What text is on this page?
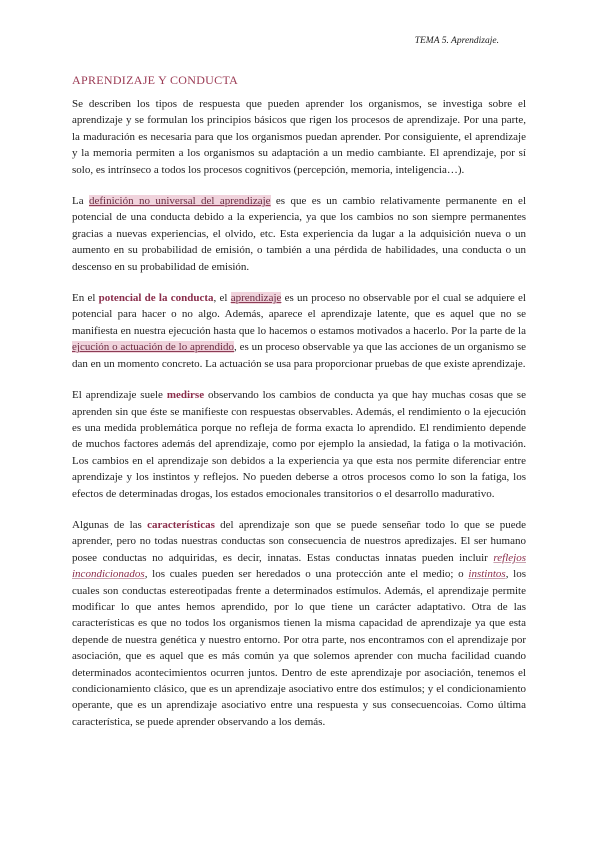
TEMA 5. Aprendizaje.
APRENDIZAJE Y CONDUCTA

Se describen los tipos de respuesta que pueden aprender los organismos, se investiga sobre el aprendizaje y se formulan los principios básicos que rigen los procesos de aprendizaje. Por una parte, la maduración es necesaria para que los organismos puedan aprender. Por consiguiente, el aprendizaje y la memoria permiten a los organismos su adaptación a un medio cambiante. El aprendizaje, por sí solo, es intrínseco a todos los procesos cognitivos (percepción, memoria, inteligencia…).

La definición no universal del aprendizaje es que es un cambio relativamente permanente en el potencial de una conducta debido a la experiencia, ya que los cambios no son siempre permanentes gracias a nuevas experiencias, el olvido, etc. Esta experiencia da lugar a la adquisición nueva o un aumento en su probabilidad de emisión, o también a una pérdida de habilidades, una conducta o un descenso en su probabilidad de emisión.

En el potencial de la conducta, el aprendizaje es un proceso no observable por el cual se adquiere el potencial para hacer o no algo. Además, aparece el aprendizaje latente, que es aquel que no se manifiesta en nuestra ejecución hasta que lo hacemos o estamos motivados a hacerlo. Por la parte de la ejcución o actuación de lo aprendido, es un proceso observable ya que las acciones de un organismo se dan en un momento concreto. La actuación se usa para proporcionar pruebas de que existe aprendizaje.

El aprendizaje suele medirse observando los cambios de conducta ya que hay muchas cosas que se aprenden sin que éste se manifieste con respuestas observables. Además, el rendimiento o la ejecución es una medida problemática porque no refleja de forma exacta lo aprendido. El rendimiento depende de muchos factores además del aprendizaje, como por ejemplo la ansiedad, la fatiga o la motivación. Los cambios en el aprendizaje son debidos a la experiencia ya que esta nos permite diferenciar entre aprendizaje y los instintos y reflejos. No pueden deberse a otros procesos como lo son la fatiga, los efectos de determinadas drogas, los estados emocionales transitorios o el desarrollo madurativo.

Algunas de las características del aprendizaje son que se puede senseñar todo lo que se puede aprender, pero no todas nuestras conductas son consecuencia de nuestros apredizajes. El ser humano posee conductas no adquiridas, es decir, innatas. Estas conductas innatas pueden incluir reflejos incondicionados, los cuales pueden ser heredados o una protección ante el medio; o instintos, los cuales son conductas estereotipadas frente a determinados estímulos. Además, el aprendizaje permite modificar lo que antes hemos aprendido, por lo que tiene un carácter adaptativo. Otra de las características es que no todos los organismos tienen la misma capacidad de aprendizaje ya que esta depende de nuestra genética y nuestro entorno. Por otra parte, nos encontramos con el aprendizaje por asociación, que es aquel que es más común ya que solemos aprender con mucha facilidad cuando determinados acontecimientos ocurren juntos. Dentro de este aprendizaje por asociación, tenemos el condicionamiento clásico, que es un aprendizaje asociativo entre dos estímulos; y el condicionamiento operante, que es un aprendizaje asociativo entre una respuesta y sus consecuencoias. Como última característica, se puede aprender observando a los demás.
